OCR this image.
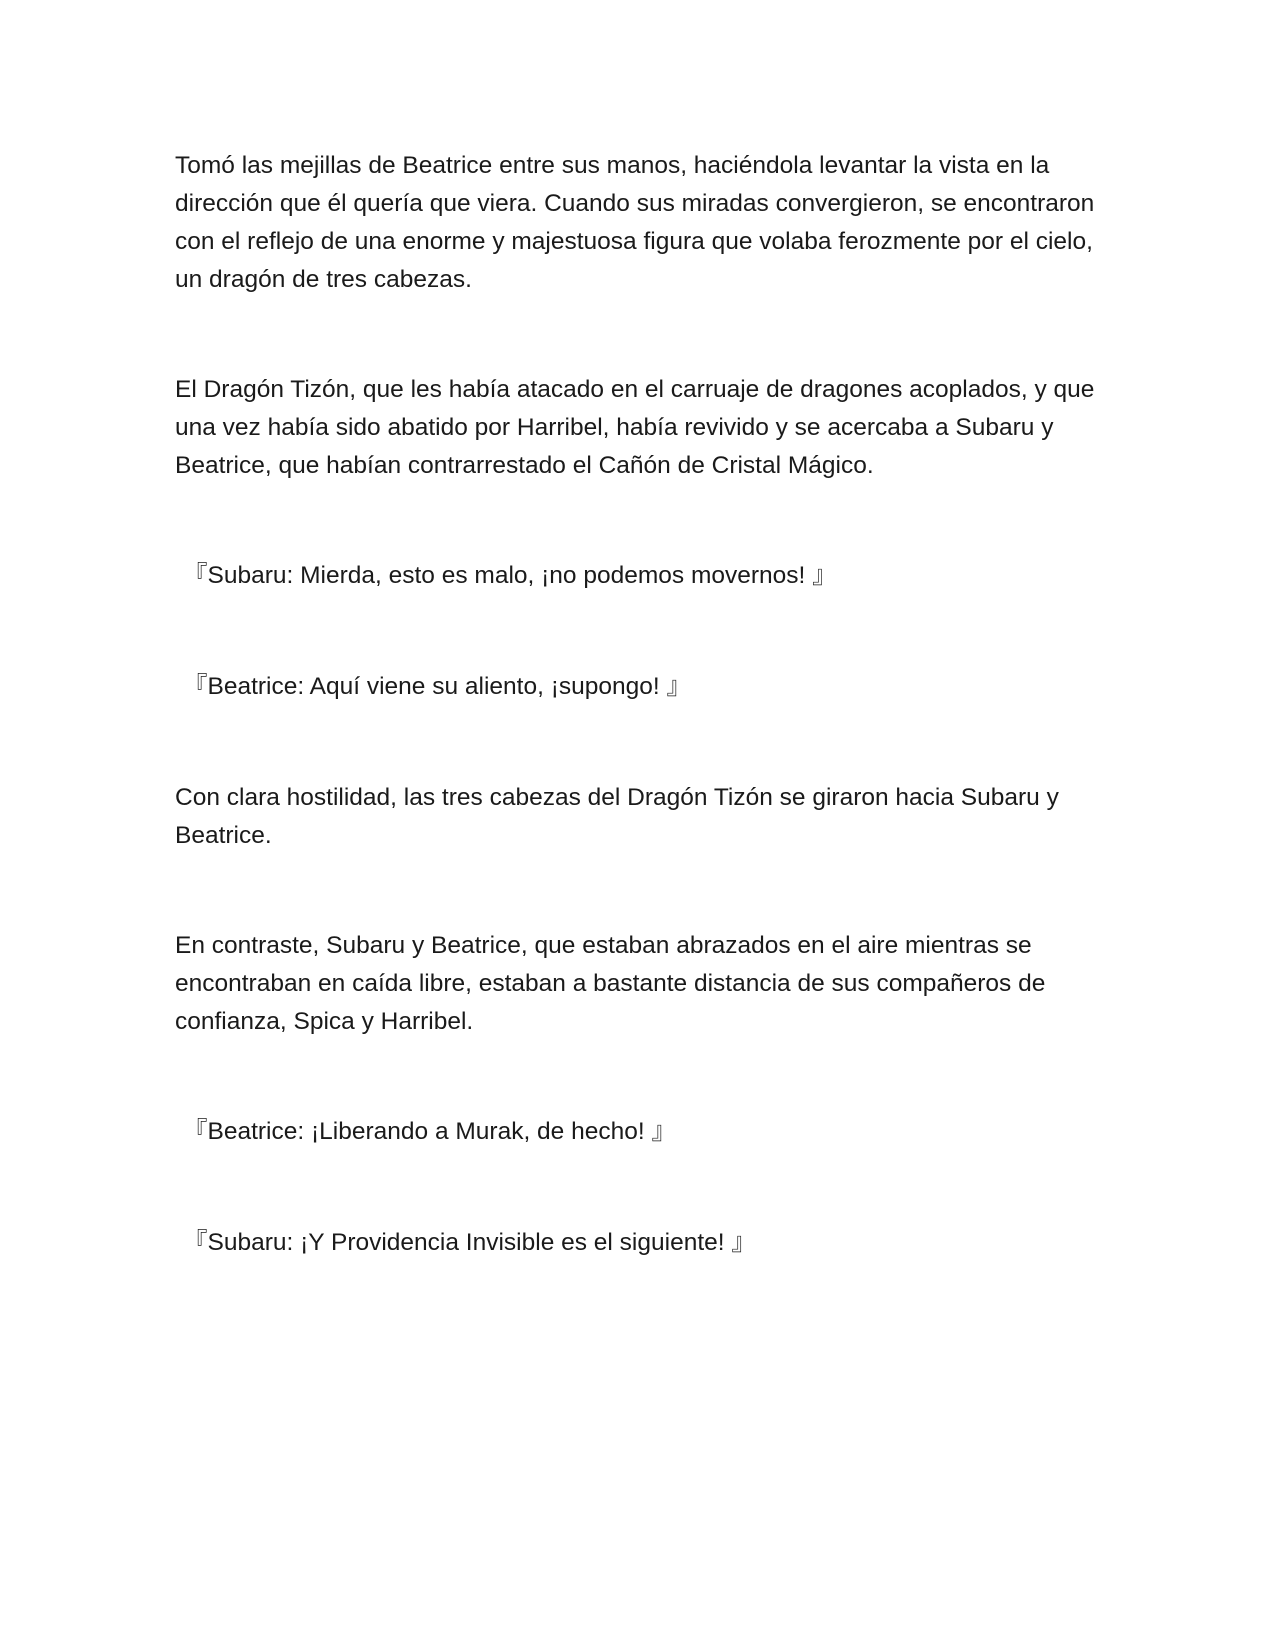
Tomó las mejillas de Beatrice entre sus manos, haciéndola levantar la vista en la dirección que él quería que viera. Cuando sus miradas convergieron, se encontraron con el reflejo de una enorme y majestuosa figura que volaba ferozmente por el cielo, un dragón de tres cabezas.

El Dragón Tizón, que les había atacado en el carruaje de dragones acoplados, y que una vez había sido abatido por Harribel, había revivido y se acercaba a Subaru y Beatrice, que habían contrarrestado el Cañón de Cristal Mágico.

『Subaru: Mierda, esto es malo, ¡no podemos movernos! 』

『Beatrice: Aquí viene su aliento, ¡supongo! 』

Con clara hostilidad, las tres cabezas del Dragón Tizón se giraron hacia Subaru y Beatrice.

En contraste, Subaru y Beatrice, que estaban abrazados en el aire mientras se encontraban en caída libre, estaban a bastante distancia de sus compañeros de confianza, Spica y Harribel.

『Beatrice: ¡Liberando a Murak, de hecho! 』

『Subaru: ¡Y Providencia Invisible es el siguiente! 』
